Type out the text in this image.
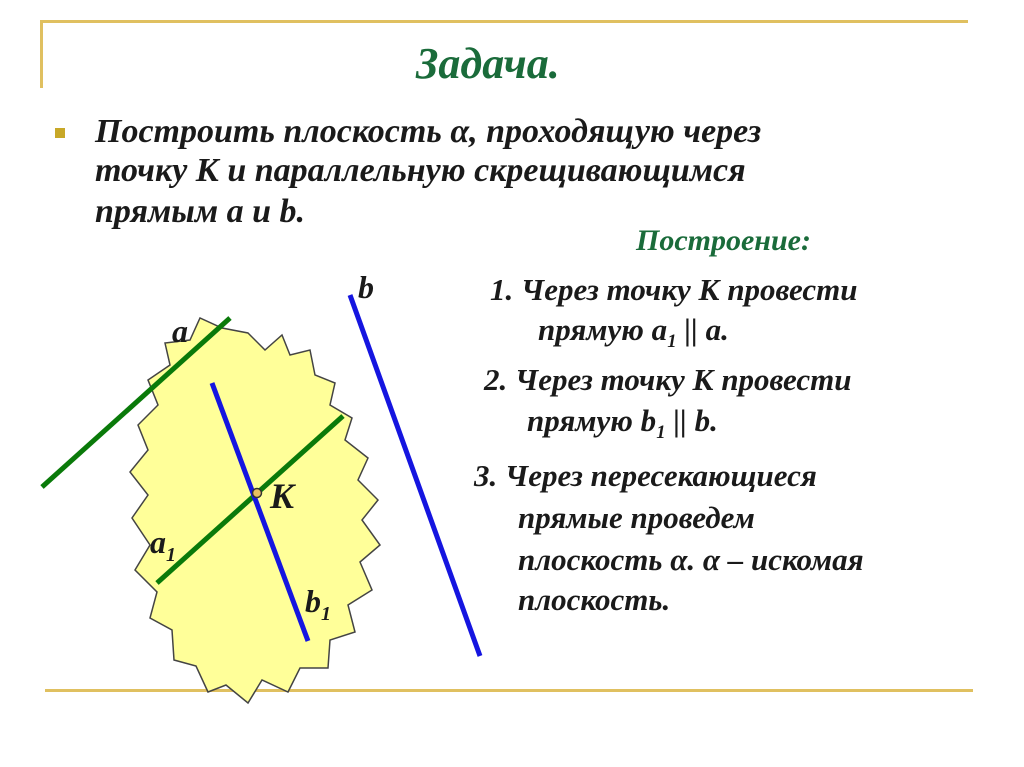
Задача.
Построить плоскость α, проходящую через
точку К и параллельную скрещивающимся
прямым a и b.
Построение:
1. Через точку К провести
прямую $a_1$ || a.
2. Через точку К провести
прямую $b_1$ || b.
3. Через пересекающиеся
прямые проведем
плоскость α. α – искомая
плоскость.
a
b
K
$a_1$
$b_1$
